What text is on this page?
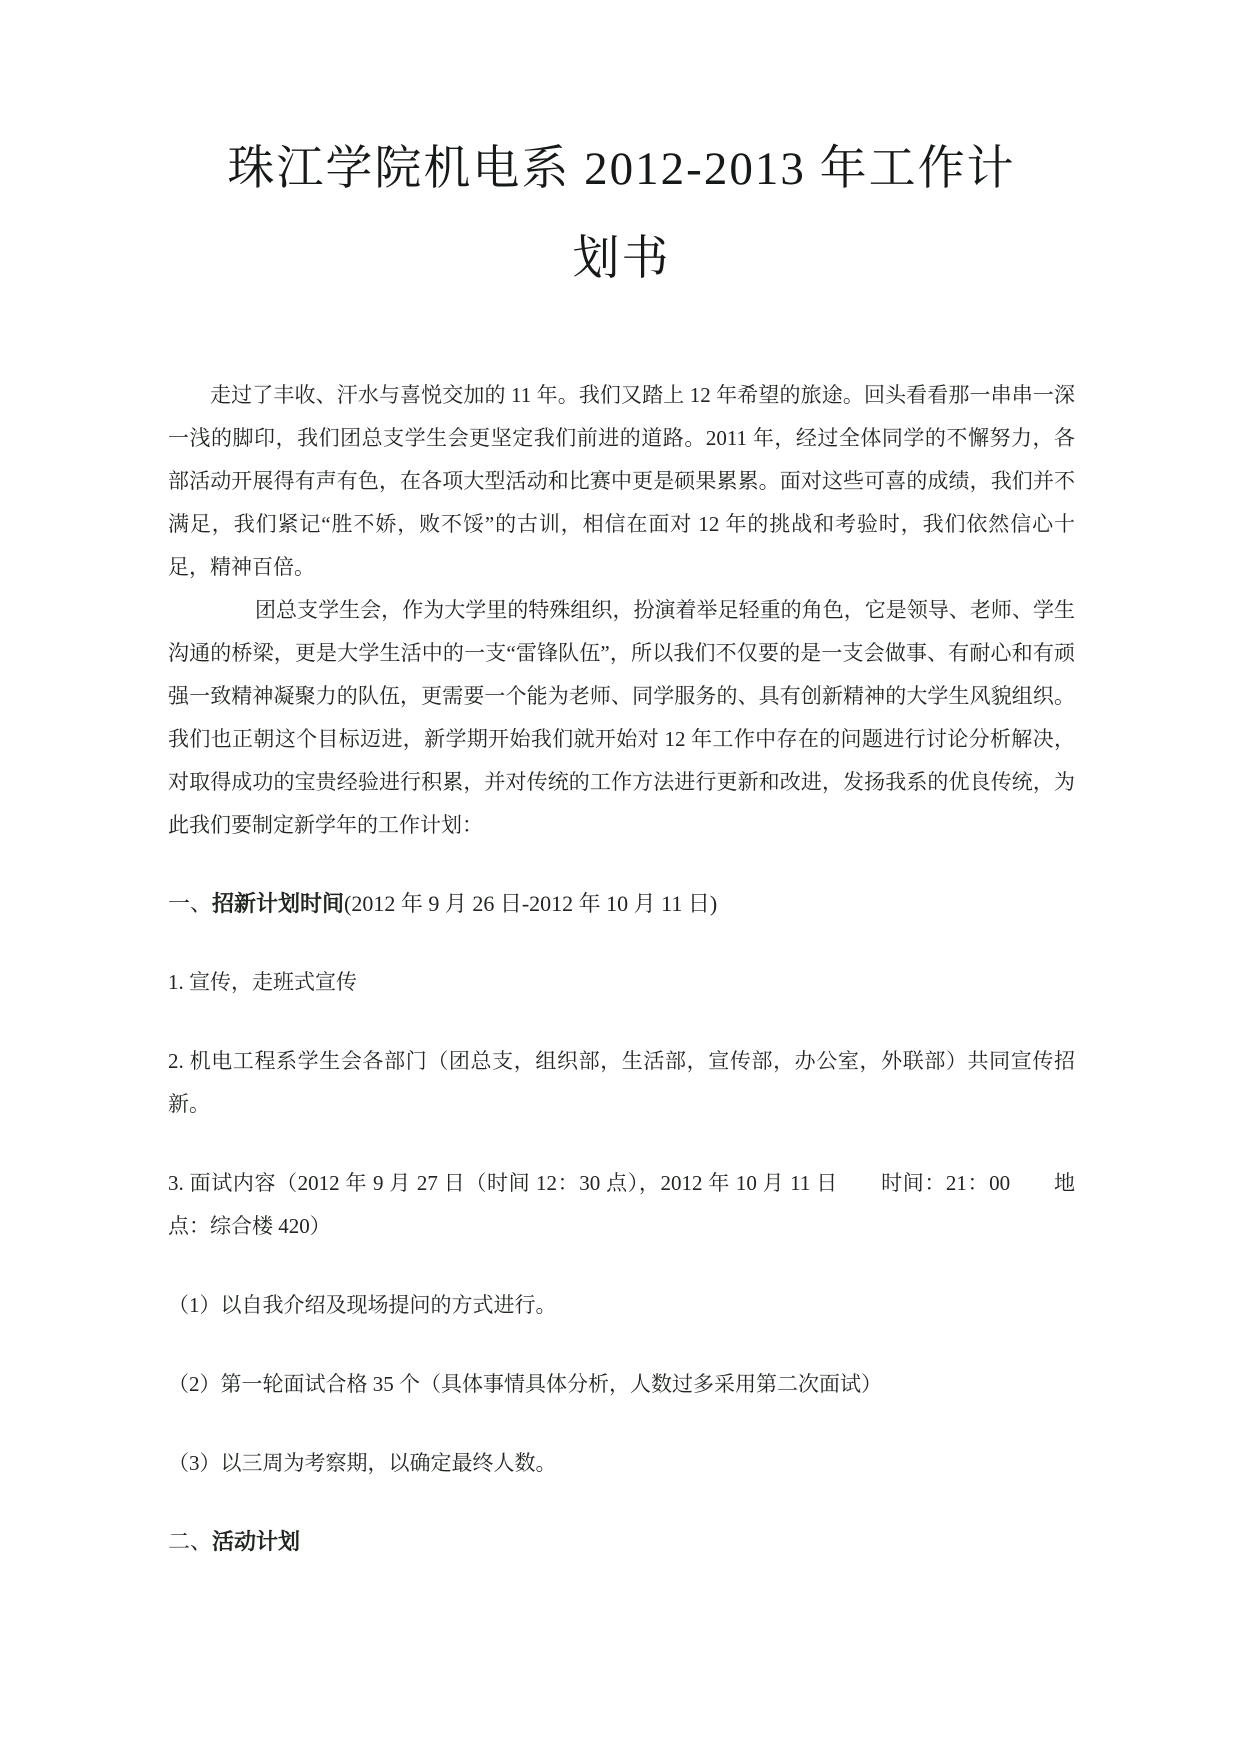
珠江学院机电系 2012-2013 年工作计
划书

走过了丰收、汗水与喜悦交加的 11 年。我们又踏上 12 年希望的旅途。回头看看那一串串一深一浅的脚印，我们团总支学生会更坚定我们前进的道路。2011 年，经过全体同学的不懈努力，各部活动开展得有声有色，在各项大型活动和比赛中更是硕果累累。面对这些可喜的成绩，我们并不满足，我们紧记“胜不娇，败不馁”的古训，相信在面对 12 年的挑战和考验时，我们依然信心十足，精神百倍。

团总支学生会，作为大学里的特殊组织，扮演着举足轻重的角色，它是领导、老师、学生沟通的桥梁，更是大学生活中的一支“雷锋队伍”，所以我们不仅要的是一支会做事、有耐心和有顽强一致精神凝聚力的队伍，更需要一个能为老师、同学服务的、具有创新精神的大学生风貌组织。我们也正朝这个目标迈进，新学期开始我们就开始对 12 年工作中存在的问题进行讨论分析解决，对取得成功的宝贵经验进行积累，并对传统的工作方法进行更新和改进，发扬我系的优良传统，为此我们要制定新学年的工作计划：

一、招新计划时间(2012 年 9 月 26 日-2012 年 10 月 11 日)

1. 宣传，走班式宣传

2. 机电工程系学生会各部门（团总支，组织部，生活部，宣传部，办公室，外联部）共同宣传招新。

3. 面试内容（2012 年 9 月 27 日（时间 12：30 点），2012 年 10 月 11 日　　时间：21：00　　地点：综合楼 420）

（1）以自我介绍及现场提问的方式进行。

（2）第一轮面试合格 35 个（具体事情具体分析，人数过多采用第二次面试）

（3）以三周为考察期，以确定最终人数。

二、活动计划
